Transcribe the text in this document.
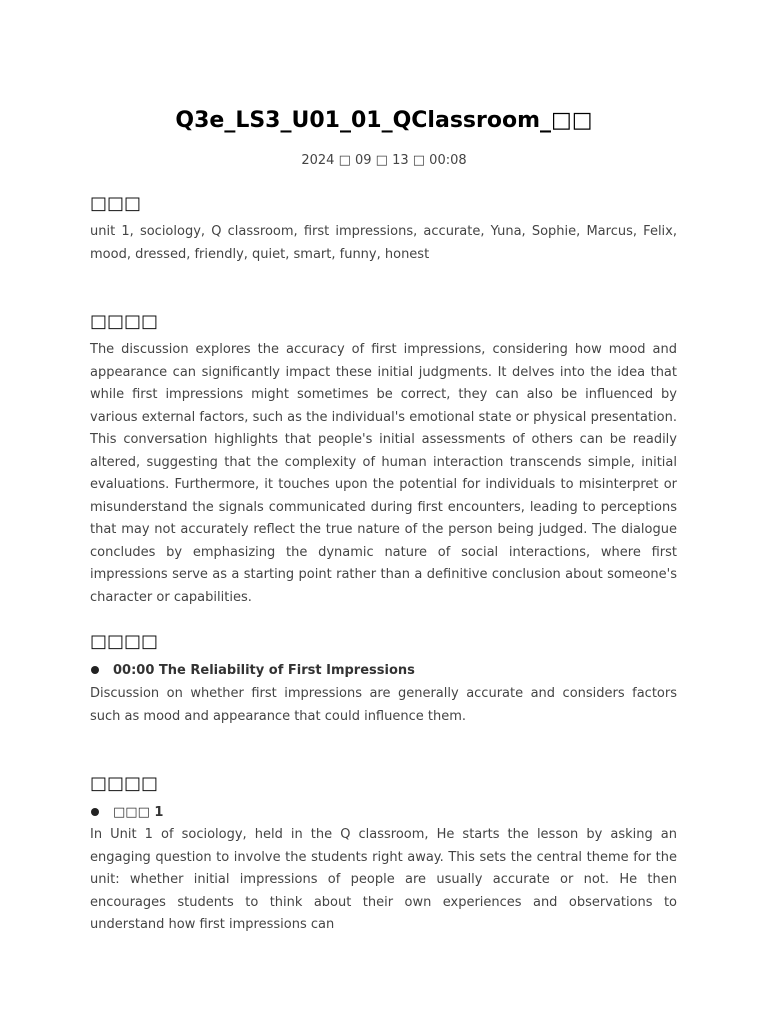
Q3e_LS3_U01_01_QClassroom_□□
2024 □ 09 □ 13 □ 00:08
□□□

unit 1, sociology, Q classroom, first impressions, accurate, Yuna, Sophie, Marcus, Felix, mood, dressed, friendly, quiet, smart, funny, honest

□□□□

The discussion explores the accuracy of first impressions, considering how mood and appearance can significantly impact these initial judgments. It delves into the idea that while first impressions might sometimes be correct, they can also be influenced by various external factors, such as the individual's emotional state or physical presentation. This conversation highlights that people's initial assessments of others can be readily altered, suggesting that the complexity of human interaction transcends simple, initial evaluations. Furthermore, it touches upon the potential for individuals to misinterpret or misunderstand the signals communicated during first encounters, leading to perceptions that may not accurately reflect the true nature of the person being judged. The dialogue concludes by emphasizing the dynamic nature of social interactions, where first impressions serve as a starting point rather than a definitive conclusion about someone's character or capabilities.

□□□□
00:00 The Reliability of First Impressions

Discussion on whether first impressions are generally accurate and considers factors such as mood and appearance that could influence them.

□□□□
□□□ 1

In Unit 1 of sociology, held in the Q classroom, He starts the lesson by asking an engaging question to involve the students right away. This sets the central theme for the unit: whether initial impressions of people are usually accurate or not. He then encourages students to think about their own experiences and observations to understand how first impressions can
